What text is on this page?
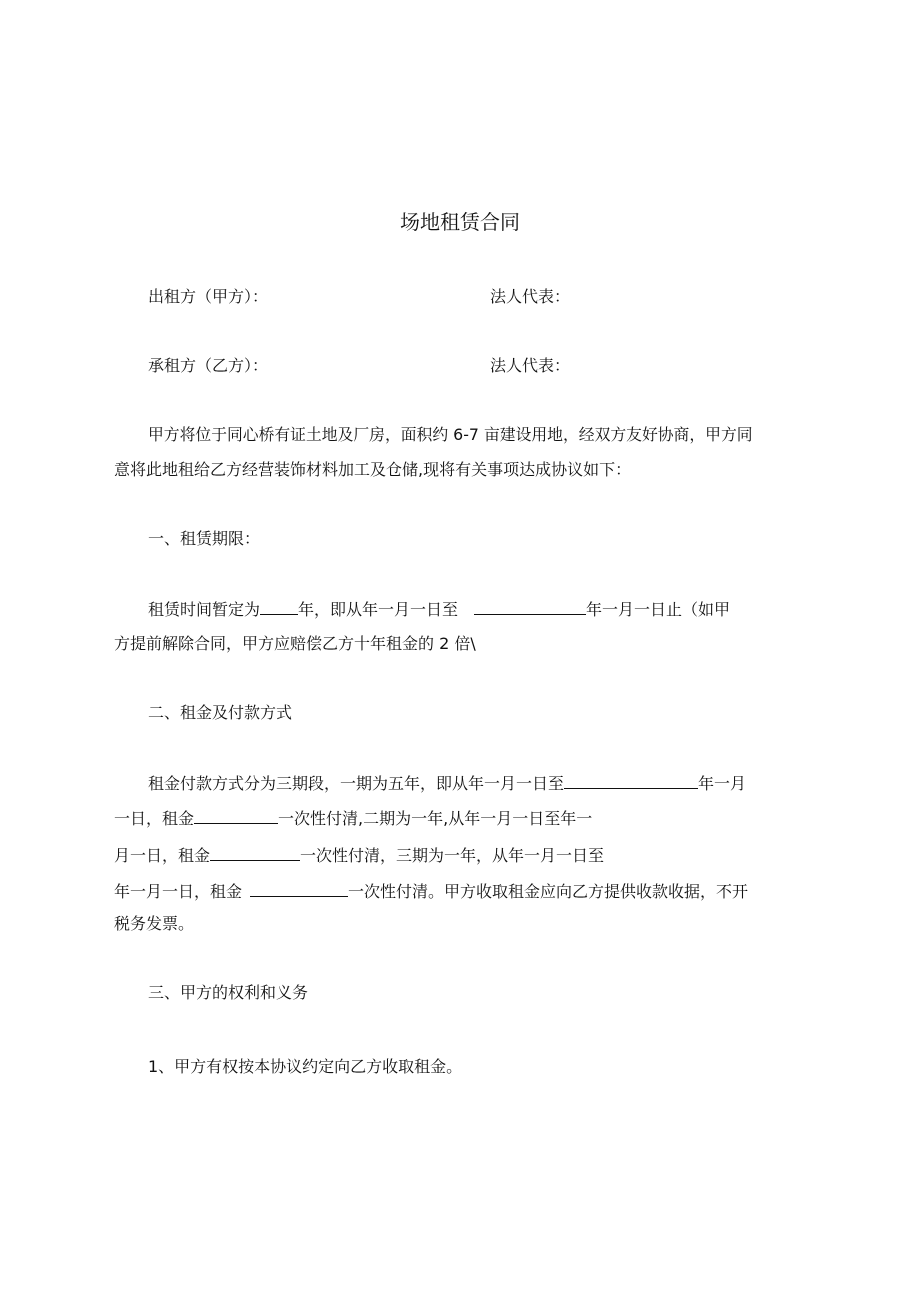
场地租赁合同
出租方（甲方）：	法人代表：
承租方（乙方）：	法人代表：
甲方将位于同心桥有证土地及厂房，面积约 6-7 亩建设用地，经双方友好协商，甲方同
意将此地租给乙方经营装饰材料加工及仓储,现将有关事项达成协议如下：
一、租赁期限：
租赁时间暂定为 年，即从年一月一日至	年一月一日止（如甲
方提前解除合同，甲方应赔偿乙方十年租金的 2 倍\
二、租金及付款方式
租金付款方式分为三期段，一期为五年，即从年一月一日至	年一月
一日，租金	一次性付清,二期为一年,从年一月一日至年一
月一日，租金	一次性付清，三期为一年，从年一月一日至
年一月一日，租金	一次性付清。甲方收取租金应向乙方提供收款收据，不开
税务发票。
三、甲方的权利和义务
1、甲方有权按本协议约定向乙方收取租金。
